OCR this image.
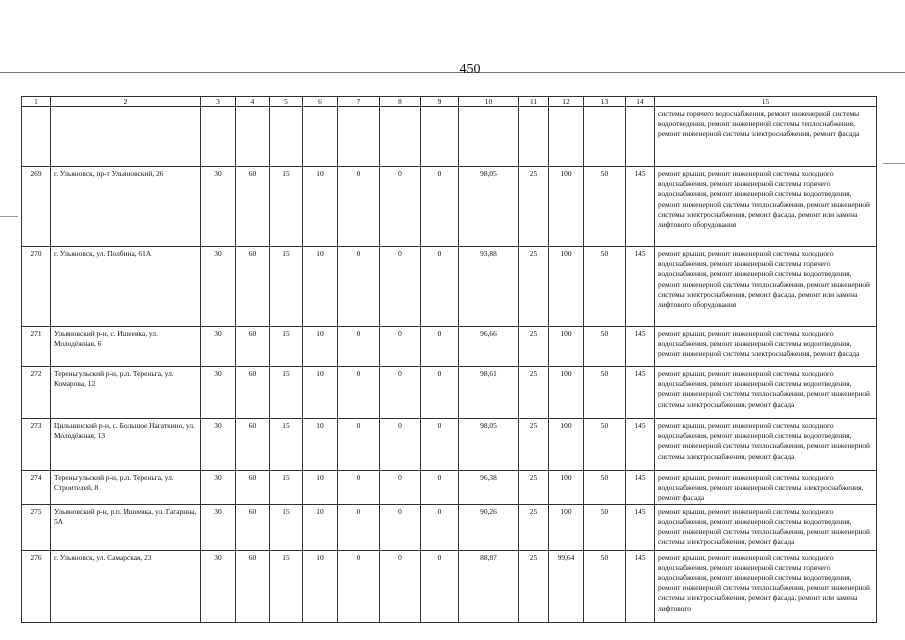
450
1	2	3	4	5	6	7	8	9	10	11	12	13	14	15
														системы горячего водоснабжения, ремонт инженерной системы водоотведения, ремонт инженерной системы теплоснабжения, ремонт инженерной системы электроснабжения, ремонт фасада
269	г. Ульяновск, пр-т Ульяновский, 26	30	60	15	10	0	0	0	98,05	25	100	50	145	ремонт крыши, ремонт инженерной системы холодного водоснабжения, ремонт инженерной системы горячего водоснабжения, ремонт инженерной системы водоотведения, ремонт инженерной системы теплоснабжения, ремонт инженерной системы электроснабжения, ремонт фасада, ремонт или замена лифтового оборудования
270	г. Ульяновск, ул. Полбина, 61А	30	60	15	10	0	0	0	93,88	25	100	50	145	ремонт крыши, ремонт инженерной системы холодного водоснабжения, ремонт инженерной системы горячего водоснабжения, ремонт инженерной системы водоотведения, ремонт инженерной системы теплоснабжения, ремонт инженерной системы электроснабжения, ремонт фасада, ремонт или замена лифтового оборудования
271	Ульяновский р-н, с. Ишеевка, ул. Молодёжная, 6	30	60	15	10	0	0	0	96,66	25	100	50	145	ремонт крыши, ремонт инженерной системы холодного водоснабжения, ремонт инженерной системы водоотведения, ремонт инженерной системы электроснабжения, ремонт фасада
272	Тереньгульский р-н, р.п. Тереньга, ул. Комарова, 12	30	60	15	10	0	0	0	98,61	25	100	50	145	ремонт крыши, ремонт инженерной системы холодного водоснабжения, ремонт инженерной системы водоотведения, ремонт инженерной системы теплоснабжения, ремонт инженерной системы электроснабжения, ремонт фасада
273	Цильнинский р-н, с. Большое Нагаткино, ул. Молодёжная, 13	30	60	15	10	0	0	0	98,05	25	100	50	145	ремонт крыши, ремонт инженерной системы холодного водоснабжения, ремонт инженерной системы водоотведения, ремонт инженерной системы теплоснабжения, ремонт инженерной системы электроснабжения, ремонт фасада
274	Тереньгульский р-н, р.п. Тереньга, ул. Строителей, 8	30	60	15	10	0	0	0	96,38	25	100	50	145	ремонт крыши, ремонт инженерной системы холодного водоснабжения, ремонт инженерной системы электроснабжения, ремонт фасада
275	Ульяновский р-н, р.п. Ишеевка, ул. Гагарина, 5А	30	60	15	10	0	0	0	90,26	25	100	50	145	ремонт крыши, ремонт инженерной системы холодного водоснабжения, ремонт инженерной системы водоотведения, ремонт инженерной системы теплоснабжения, ремонт инженерной системы электроснабжения, ремонт фасада
276	г. Ульяновск, ул. Самарская, 23	30	60	15	10	0	0	0	88,87	25	99,64	50	145	ремонт крыши, ремонт инженерной системы холодного водоснабжения, ремонт инженерной системы горячего водоснабжения, ремонт инженерной системы водоотведения, ремонт инженерной системы теплоснабжения, ремонт инженерной системы электроснабжения, ремонт фасада, ремонт или замена лифтового
